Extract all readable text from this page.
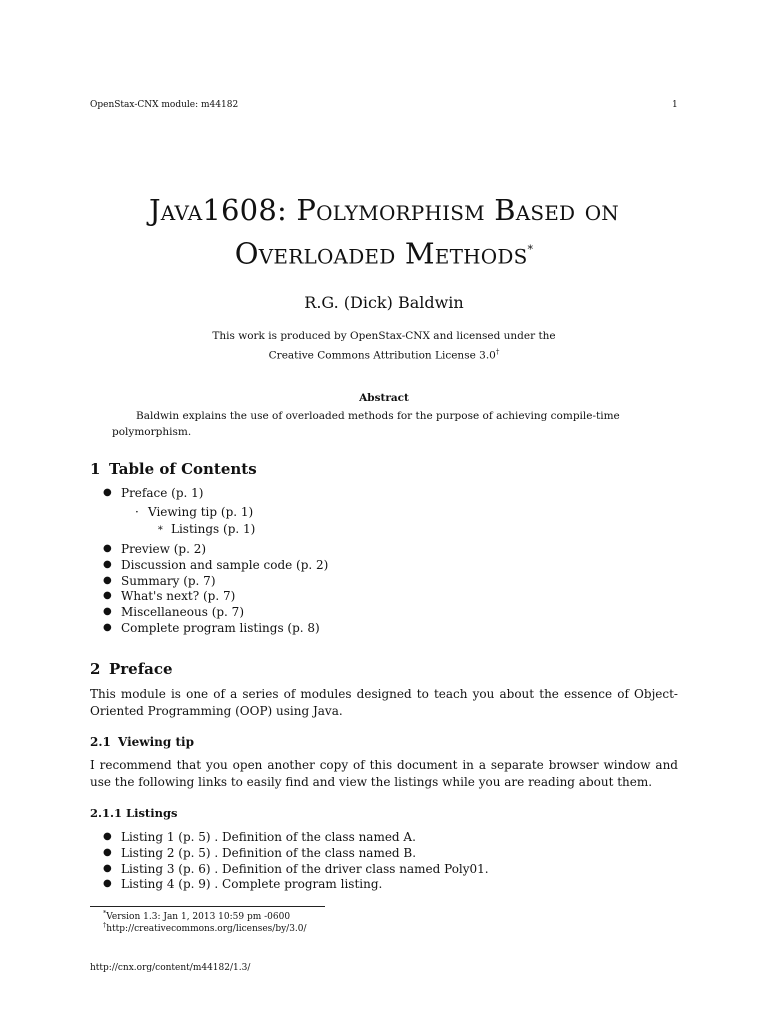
OpenStax-CNX module: m44182	1
Java1608: Polymorphism Based on
Overloaded Methods*
R.G. (Dick) Baldwin
This work is produced by OpenStax-CNX and licensed under the
Creative Commons Attribution License 3.0†
Abstract
Baldwin explains the use of overloaded methods for the purpose of achieving compile-time polymorphism.
1 Table of Contents
● Preface (p. 1)
· Viewing tip (p. 1)
∗ Listings (p. 1)
● Preview (p. 2)
● Discussion and sample code (p. 2)
● Summary (p. 7)
● What's next? (p. 7)
● Miscellaneous (p. 7)
● Complete program listings (p. 8)
2 Preface
This module is one of a series of modules designed to teach you about the essence of Object-Oriented Programming (OOP) using Java.
2.1 Viewing tip
I recommend that you open another copy of this document in a separate browser window and use the following links to easily find and view the listings while you are reading about them.
2.1.1 Listings
● Listing 1 (p. 5) . Definition of the class named A.
● Listing 2 (p. 5) . Definition of the class named B.
● Listing 3 (p. 6) . Definition of the driver class named Poly01.
● Listing 4 (p. 9) . Complete program listing.
*Version 1.3: Jan 1, 2013 10:59 pm -0600
†http://creativecommons.org/licenses/by/3.0/
http://cnx.org/content/m44182/1.3/
